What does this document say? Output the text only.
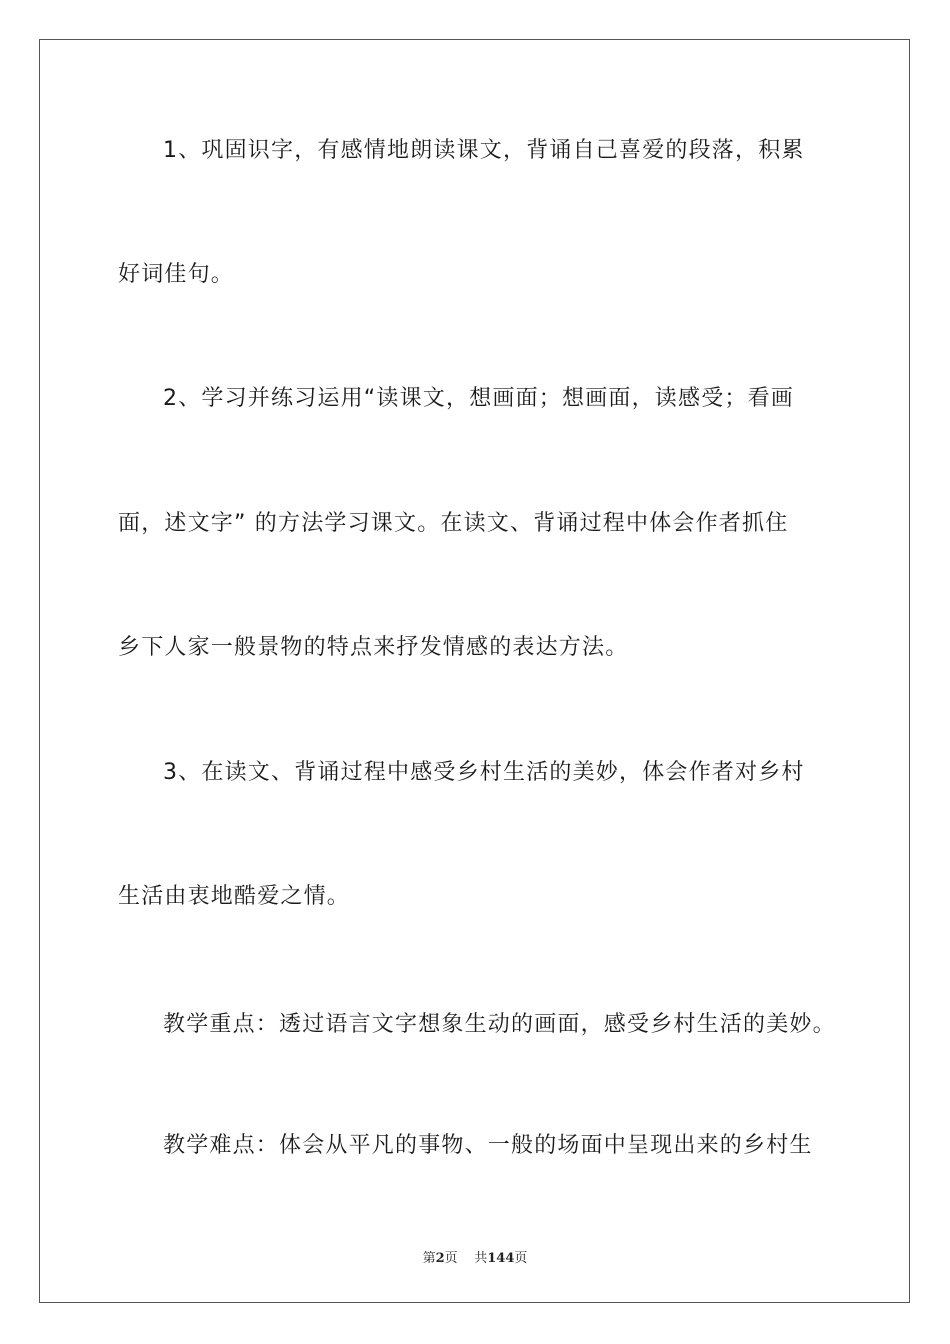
1、巩固识字，有感情地朗读课文，背诵自己喜爱的段落，积累
好词佳句。
2、学习并练习运用“读课文，想画面；想画面，读感受；看画
面，述文字” 的方法学习课文。在读文、背诵过程中体会作者抓住
乡下人家一般景物的特点来抒发情感的表达方法。
3、在读文、背诵过程中感受乡村生活的美妙，体会作者对乡村
生活由衷地酷爱之情。
教学重点：透过语言文字想象生动的画面，感受乡村生活的美妙。
教学难点：体会从平凡的事物、一般的场面中呈现出来的乡村生
第2页 共144页
